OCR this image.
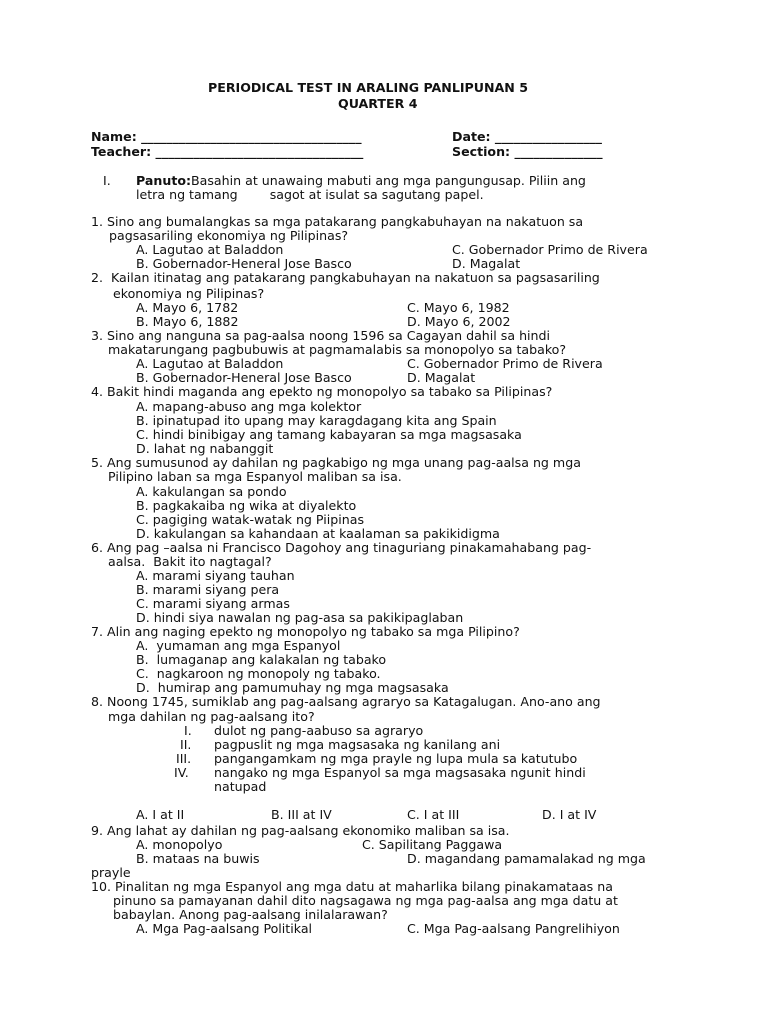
PERIODICAL TEST IN ARALING PANLIPUNAN 5
QUARTER 4
Name: ___________________________________	Date: _________________
Teacher: _________________________________	Section: ______________
I. Panuto: Basahin at unawaing mabuti ang mga pangungusap. Piliin ang
letra ng tamang        sagot at isulat sa sagutang papel.
1. Sino ang bumalangkas sa mga patakarang pangkabuhayan na nakatuon sa
pagsasariling ekonomiya ng Pilipinas?
A. Lagutao at Baladdon	C. Gobernador Primo de Rivera
B. Gobernador-Heneral Jose Basco	D. Magalat
2.  Kailan itinatag ang patakarang pangkabuhayan na nakatuon sa pagsasariling
ekonomiya ng Pilipinas?
A. Mayo 6, 1782	C. Mayo 6, 1982
B. Mayo 6, 1882	D. Mayo 6, 2002
3. Sino ang nanguna sa pag-aalsa noong 1596 sa Cagayan dahil sa hindi
makatarungang pagbubuwis at pagmamalabis sa monopolyo sa tabako?
A. Lagutao at Baladdon	C. Gobernador Primo de Rivera
B. Gobernador-Heneral Jose Basco	D. Magalat
4. Bakit hindi maganda ang epekto ng monopolyo sa tabako sa Pilipinas?
A. mapang-abuso ang mga kolektor
B. ipinatupad ito upang may karagdagang kita ang Spain
C. hindi binibigay ang tamang kabayaran sa mga magsasaka
D. lahat ng nabanggit
5. Ang sumusunod ay dahilan ng pagkabigo ng mga unang pag-aalsa ng mga
Pilipino laban sa mga Espanyol maliban sa isa.
A. kakulangan sa pondo
B. pagkakaiba ng wika at diyalekto
C. pagiging watak-watak ng Piipinas
D. kakulangan sa kahandaan at kaalaman sa pakikidigma
6. Ang pag –aalsa ni Francisco Dagohoy ang tinaguriang pinakamahabang pag-
aalsa.  Bakit ito nagtagal?
A. marami siyang tauhan
B. marami siyang pera
C. marami siyang armas
D. hindi siya nawalan ng pag-asa sa pakikipaglaban
7. Alin ang naging epekto ng monopolyo ng tabako sa mga Pilipino?
A.  yumaman ang mga Espanyol
B.  lumaganap ang kalakalan ng tabako
C.  nagkaroon ng monopoly ng tabako.
D.  humirap ang pamumuhay ng mga magsasaka
8. Noong 1745, sumiklab ang pag-aalsang agraryo sa Katagalugan. Ano-ano ang
mga dahilan ng pag-aalsang ito?
I. dulot ng pang-aabuso sa agraryo
II. pagpuslit ng mga magsasaka ng kanilang ani
III. pangangamkam ng mga prayle ng lupa mula sa katutubo
IV. nangako ng mga Espanyol sa mga magsasaka ngunit hindi
natupad
A. I at II	B. III at IV	C. I at III	D. I at IV
9. Ang lahat ay dahilan ng pag-aalsang ekonomiko maliban sa isa.
A. monopolyo	C. Sapilitang Paggawa
B. mataas na buwis	D. magandang pamamalakad ng mga
prayle
10. Pinalitan ng mga Espanyol ang mga datu at maharlika bilang pinakamataas na
pinuno sa pamayanan dahil dito nagsagawa ng mga pag-aalsa ang mga datu at
babaylan. Anong pag-aalsang inilalarawan?
A. Mga Pag-aalsang Politikal	C. Mga Pag-aalsang Pangrelihiyon
